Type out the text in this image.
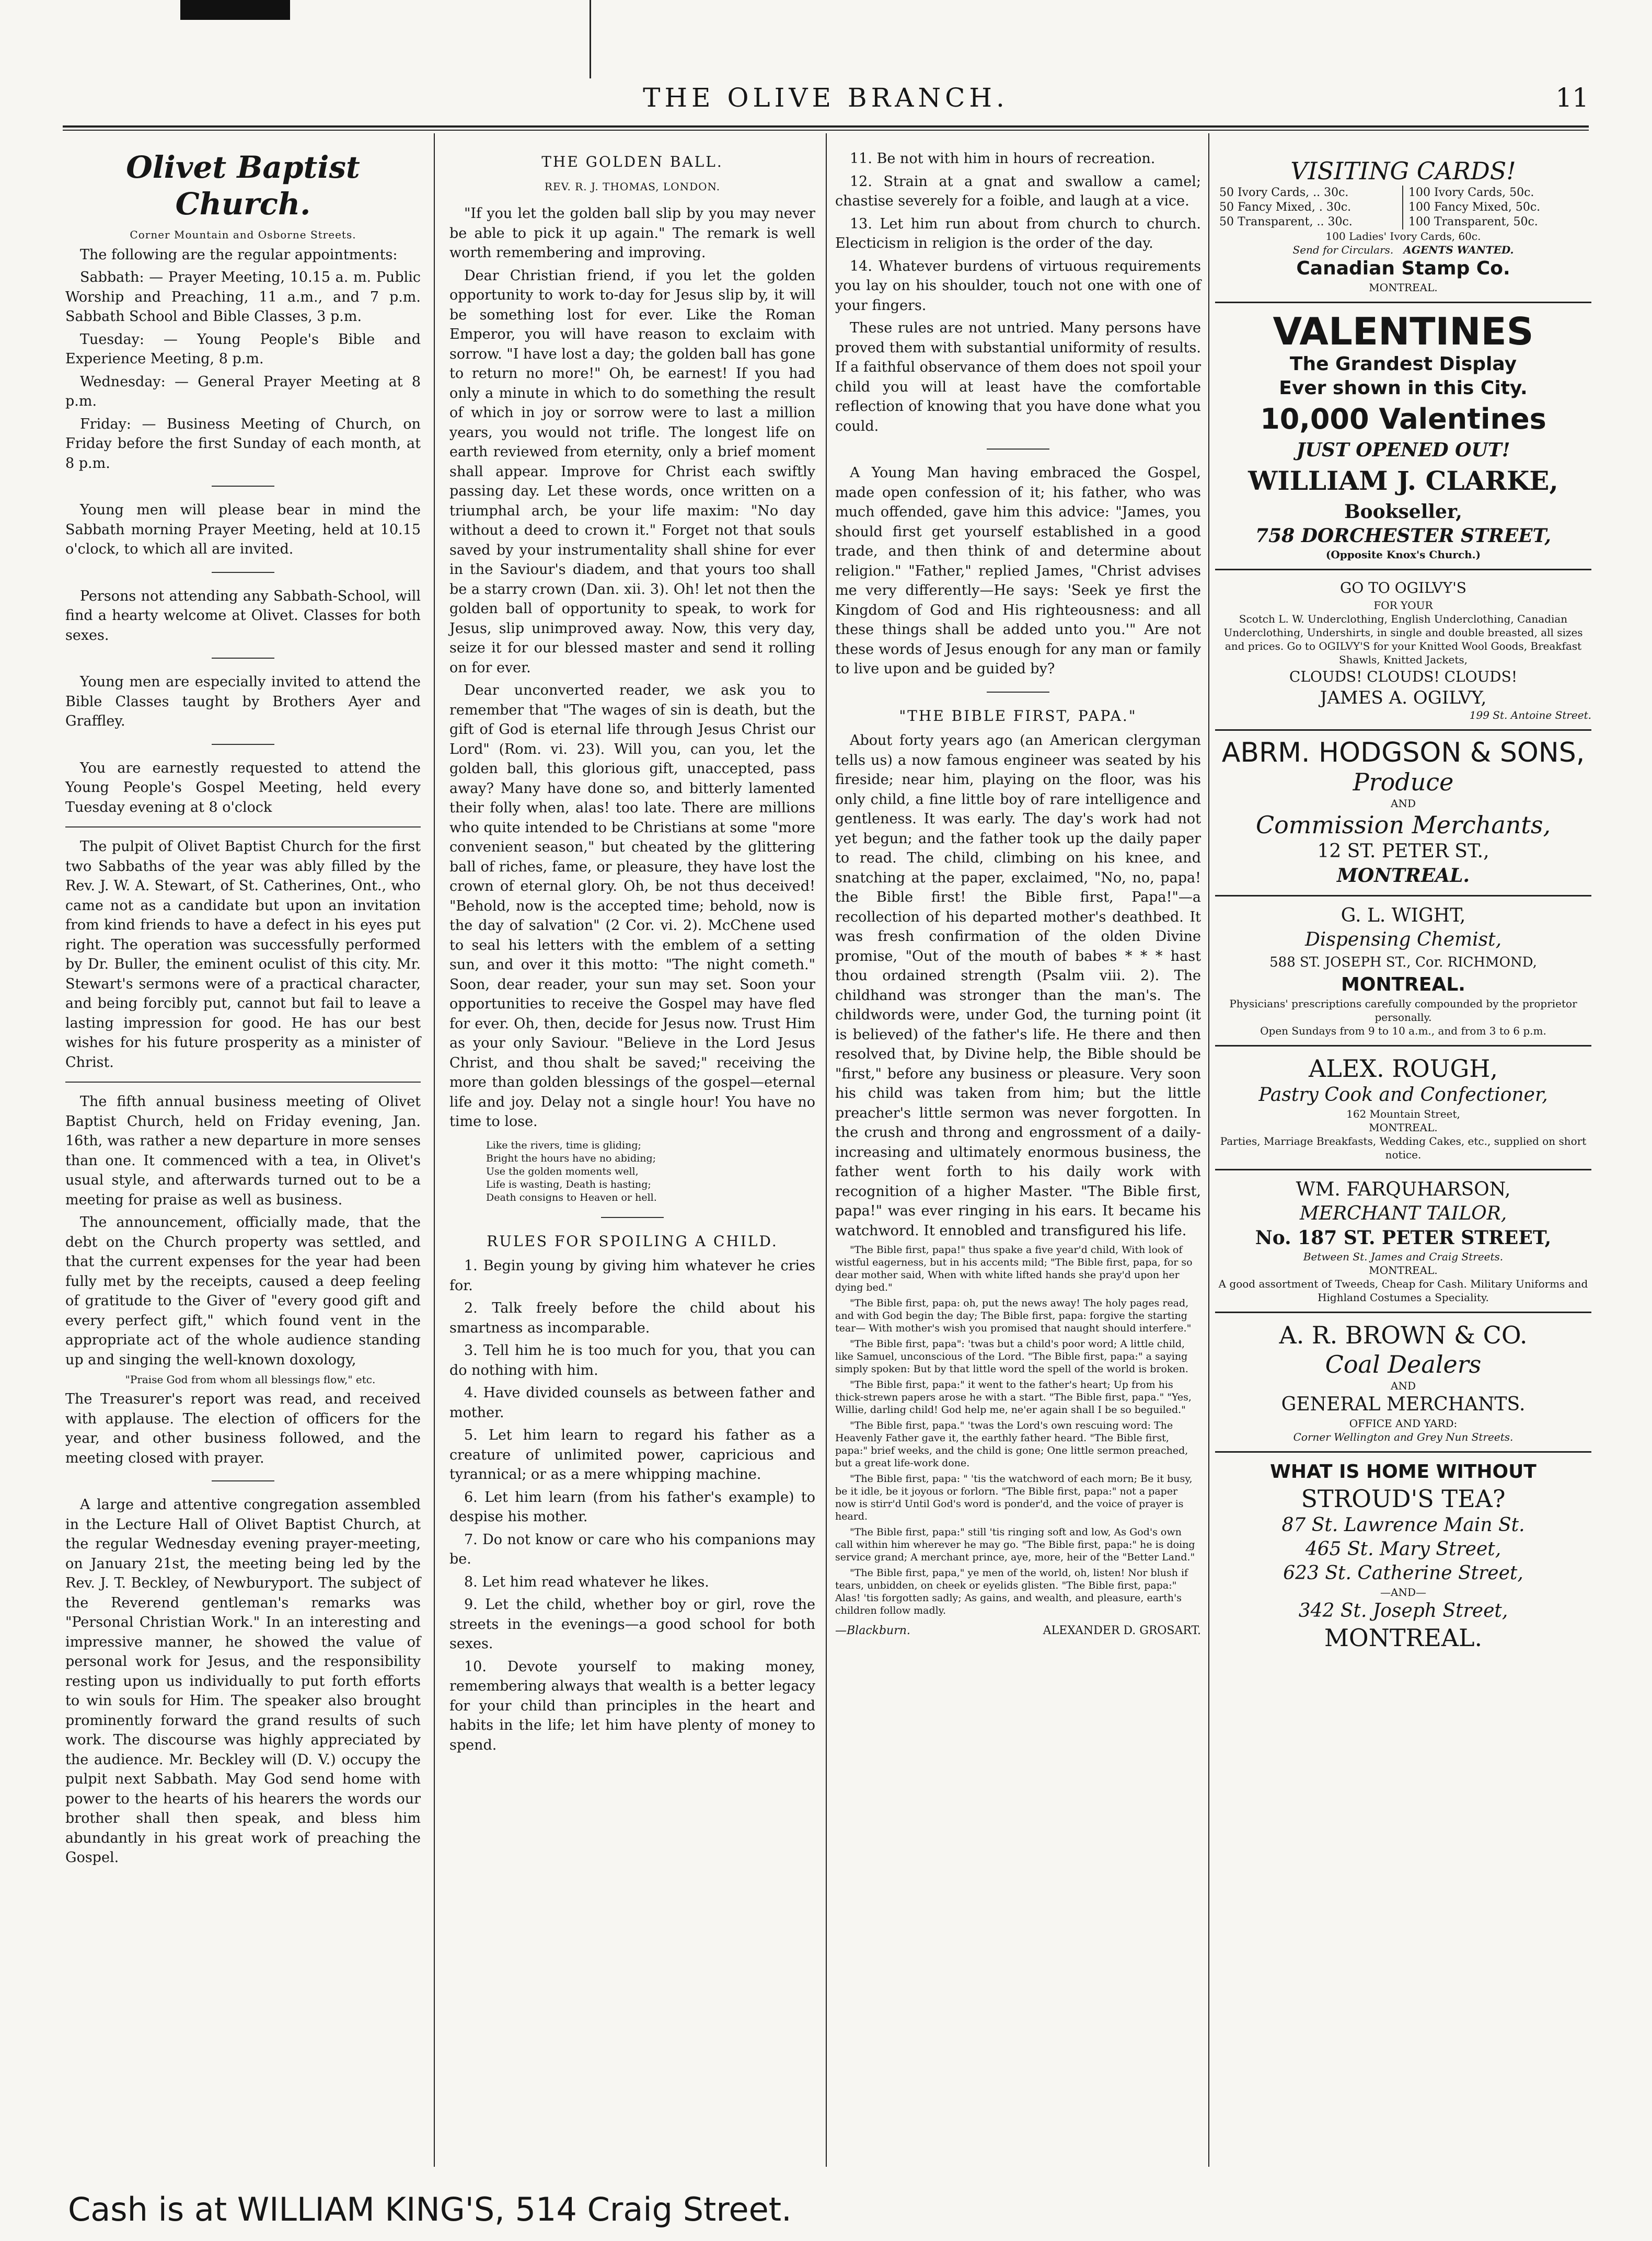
THE OLIVE BRANCH.	11
Olivet Baptist Church.
Corner Mountain and Osborne Streets.

The following are the regular appointments:

Sabbath: — Prayer Meeting, 10.15 a. m. Public Worship and Preaching, 11 a.m., and 7 p.m. Sabbath School and Bible Classes, 3 p.m.

Tuesday: — Young People's Bible and Experience Meeting, 8 p.m.

Wednesday: — General Prayer Meeting at 8 p.m.

Friday: — Business Meeting of Church, on Friday before the first Sunday of each month, at 8 p.m.

Young men will please bear in mind the Sabbath morning Prayer Meeting, held at 10.15 o'clock, to which all are invited.

Persons not attending any Sabbath-School, will find a hearty welcome at Olivet. Classes for both sexes.

Young men are especially invited to attend the Bible Classes taught by Brothers Ayer and Graffley.

You are earnestly requested to attend the Young People's Gospel Meeting, held every Tuesday evening at 8 o'clock

The pulpit of Olivet Baptist Church for the first two Sabbaths of the year was ably filled by the Rev. J. W. A. Stewart, of St. Catherines, Ont., who came not as a candidate but upon an invitation from kind friends to have a defect in his eyes put right. The operation was successfully performed by Dr. Buller, the eminent oculist of this city. Mr. Stewart's sermons were of a practical character, and being forcibly put, cannot but fail to leave a lasting impression for good. He has our best wishes for his future prosperity as a minister of Christ.

The fifth annual business meeting of Olivet Baptist Church, held on Friday evening, Jan. 16th, was rather a new departure in more senses than one. It commenced with a tea, in Olivet's usual style, and afterwards turned out to be a meeting for praise as well as business.

The announcement, officially made, that the debt on the Church property was settled, and that the current expenses for the year had been fully met by the receipts, caused a deep feeling of gratitude to the Giver of "every good gift and every perfect gift," which found vent in the appropriate act of the whole audience standing up and singing the well-known doxology,

"Praise God from whom all blessings flow," etc.

The Treasurer's report was read, and received with applause. The election of officers for the year, and other business followed, and the meeting closed with prayer.

A large and attentive congregation assembled in the Lecture Hall of Olivet Baptist Church, at the regular Wednesday evening prayer-meeting, on January 21st, the meeting being led by the Rev. J. T. Beckley, of Newburyport. The subject of the Reverend gentleman's remarks was "Personal Christian Work." In an interesting and impressive manner, he showed the value of personal work for Jesus, and the responsibility resting upon us individually to put forth efforts to win souls for Him. The speaker also brought prominently forward the grand results of such work. The discourse was highly appreciated by the audience. Mr. Beckley will (D. V.) occupy the pulpit next Sabbath. May God send home with power to the hearts of his hearers the words our brother shall then speak, and bless him abundantly in his great work of preaching the Gospel.

THE GOLDEN BALL.
REV. R. J. THOMAS, LONDON.

"If you let the golden ball slip by you may never be able to pick it up again." The remark is well worth remembering and improving.

Dear Christian friend, if you let the golden opportunity to work to-day for Jesus slip by, it will be something lost for ever. Like the Roman Emperor, you will have reason to exclaim with sorrow. "I have lost a day; the golden ball has gone to return no more!" Oh, be earnest! If you had only a minute in which to do something the result of which in joy or sorrow were to last a million years, you would not trifle. The longest life on earth reviewed from eternity, only a brief moment shall appear. Improve for Christ each swiftly passing day. Let these words, once written on a triumphal arch, be your life maxim: "No day without a deed to crown it." Forget not that souls saved by your instrumentality shall shine for ever in the Saviour's diadem, and that yours too shall be a starry crown (Dan. xii. 3). Oh! let not then the golden ball of opportunity to speak, to work for Jesus, slip unimproved away. Now, this very day, seize it for our blessed master and send it rolling on for ever.

Dear unconverted reader, we ask you to remember that "The wages of sin is death, but the gift of God is eternal life through Jesus Christ our Lord" (Rom. vi. 23). Will you, can you, let the golden ball, this glorious gift, unaccepted, pass away? Many have done so, and bitterly lamented their folly when, alas! too late. There are millions who quite intended to be Christians at some "more convenient season," but cheated by the glittering ball of riches, fame, or pleasure, they have lost the crown of eternal glory. Oh, be not thus deceived! "Behold, now is the accepted time; behold, now is the day of salvation" (2 Cor. vi. 2). McChene used to seal his letters with the emblem of a setting sun, and over it this motto: "The night cometh." Soon, dear reader, your sun may set. Soon your opportunities to receive the Gospel may have fled for ever. Oh, then, decide for Jesus now. Trust Him as your only Saviour. "Believe in the Lord Jesus Christ, and thou shalt be saved;" receiving the more than golden blessings of the gospel—eternal life and joy. Delay not a single hour! You have no time to lose.

Like the rivers, time is gliding;
Bright the hours have no abiding;
Use the golden moments well,
Life is wasting, Death is hasting;
Death consigns to Heaven or hell.
RULES FOR SPOILING A CHILD.

1. Begin young by giving him whatever he cries for.

2. Talk freely before the child about his smartness as incomparable.

3. Tell him he is too much for you, that you can do nothing with him.

4. Have divided counsels as between father and mother.

5. Let him learn to regard his father as a creature of unlimited power, capricious and tyrannical; or as a mere whipping machine.

6. Let him learn (from his father's example) to despise his mother.

7. Do not know or care who his companions may be.

8. Let him read whatever he likes.

9. Let the child, whether boy or girl, rove the streets in the evenings—a good school for both sexes.

10. Devote yourself to making money, remembering always that wealth is a better legacy for your child than principles in the heart and habits in the life; let him have plenty of money to spend.

11. Be not with him in hours of recreation.

12. Strain at a gnat and swallow a camel; chastise severely for a foible, and laugh at a vice.

13. Let him run about from church to church. Electicism in religion is the order of the day.

14. Whatever burdens of virtuous requirements you lay on his shoulder, touch not one with one of your fingers.

These rules are not untried. Many persons have proved them with substantial uniformity of results. If a faithful observance of them does not spoil your child you will at least have the comfortable reflection of knowing that you have done what you could.

A Young Man having embraced the Gospel, made open confession of it; his father, who was much offended, gave him this advice: "James, you should first get yourself established in a good trade, and then think of and determine about religion." "Father," replied James, "Christ advises me very differently—He says: 'Seek ye first the Kingdom of God and His righteousness: and all these things shall be added unto you.'" Are not these words of Jesus enough for any man or family to live upon and be guided by?

"THE BIBLE FIRST, PAPA."

About forty years ago (an American clergyman tells us) a now famous engineer was seated by his fireside; near him, playing on the floor, was his only child, a fine little boy of rare intelligence and gentleness. It was early. The day's work had not yet begun; and the father took up the daily paper to read. The child, climbing on his knee, and snatching at the paper, exclaimed, "No, no, papa! the Bible first! the Bible first, Papa!"—a recollection of his departed mother's deathbed. It was fresh confirmation of the olden Divine promise, "Out of the mouth of babes * * * hast thou ordained strength (Psalm viii. 2). The childhand was stronger than the man's. The childwords were, under God, the turning point (it is believed) of the father's life. He there and then resolved that, by Divine help, the Bible should be "first," before any business or pleasure. Very soon his child was taken from him; but the little preacher's little sermon was never forgotten. In the crush and throng and engrossment of a daily-increasing and ultimately enormous business, the father went forth to his daily work with recognition of a higher Master. "The Bible first, papa!" was ever ringing in his ears. It became his watchword. It ennobled and transfigured his life.

"The Bible first, papa!" thus spake a five year'd child, With look of wistful eagerness, but in his accents mild; "The Bible first, papa, for so dear mother said, When with white lifted hands she pray'd upon her dying bed."

"The Bible first, papa: oh, put the news away! The holy pages read, and with God begin the day; The Bible first, papa: forgive the starting tear— With mother's wish you promised that naught should interfere."

"The Bible first, papa": 'twas but a child's poor word; A little child, like Samuel, unconscious of the Lord. "The Bible first, papa:" a saying simply spoken: But by that little word the spell of the world is broken.

"The Bible first, papa:" it went to the father's heart; Up from his thick-strewn papers arose he with a start. "The Bible first, papa." "Yes, Willie, darling child! God help me, ne'er again shall I be so beguiled."

"The Bible first, papa." 'twas the Lord's own rescuing word: The Heavenly Father gave it, the earthly father heard. "The Bible first, papa:" brief weeks, and the child is gone; One little sermon preached, but a great life-work done.

"The Bible first, papa: " 'tis the watchword of each morn; Be it busy, be it idle, be it joyous or forlorn. "The Bible first, papa:" not a paper now is stirr'd Until God's word is ponder'd, and the voice of prayer is heard.

"The Bible first, papa:" still 'tis ringing soft and low, As God's own call within him wherever he may go. "The Bible first, papa:" he is doing service grand; A merchant prince, aye, more, heir of the "Better Land."

"The Bible first, papa," ye men of the world, oh, listen! Nor blush if tears, unbidden, on cheek or eyelids glisten. "The Bible first, papa:" Alas! 'tis forgotten sadly; As gains, and wealth, and pleasure, earth's children follow madly.

—Blackburn.	ALEXANDER D. GROSART.
VISITING CARDS!
50 Ivory Cards, .. 30c.	100 Ivory Cards, 50c.
50 Fancy Mixed, . 30c.	100 Fancy Mixed, 50c.
50 Transparent, .. 30c.	100 Transparent, 50c.
100 Ladies' Ivory Cards, 60c.
Send for Circulars. AGENTS WANTED.
Canadian Stamp Co.
MONTREAL.
VALENTINES
The Grandest Display
Ever shown in this City.
10,000 Valentines
JUST OPENED OUT!
WILLIAM J. CLARKE,
Bookseller,
758 DORCHESTER STREET,
(Opposite Knox's Church.)
GO TO OGILVY'S
FOR YOUR
Scotch L. W. Underclothing, English Underclothing, Canadian Underclothing, Undershirts, in single and double breasted, all sizes and prices. Go to OGILVY'S for your Knitted Wool Goods, Breakfast Shawls, Knitted Jackets,
CLOUDS! CLOUDS! CLOUDS!
JAMES A. OGILVY,
199 St. Antoine Street.
ABRM. HODGSON & SONS,
Produce
AND
Commission Merchants,
12 ST. PETER ST.,
MONTREAL.
G. L. WIGHT,
Dispensing Chemist,
588 ST. JOSEPH ST., Cor. RICHMOND,
MONTREAL.
Physicians' prescriptions carefully compounded by the proprietor personally.
Open Sundays from 9 to 10 a.m., and from 3 to 6 p.m.
ALEX. ROUGH,
Pastry Cook and Confectioner,
162 Mountain Street,
MONTREAL.
Parties, Marriage Breakfasts, Wedding Cakes, etc., supplied on short notice.
WM. FARQUHARSON,
MERCHANT TAILOR,
No. 187 ST. PETER STREET,
Between St. James and Craig Streets.
MONTREAL.
A good assortment of Tweeds, Cheap for Cash. Military Uniforms and Highland Costumes a Speciality.
A. R. BROWN & CO.
Coal Dealers
AND
GENERAL MERCHANTS.
OFFICE AND YARD:
Corner Wellington and Grey Nun Streets.
WHAT IS HOME WITHOUT
STROUD'S TEA?
87 St. Lawrence Main St.
465 St. Mary Street,
623 St. Catherine Street,
—AND—
342 St. Joseph Street,
MONTREAL.
Cash is at WILLIAM KING'S, 514 Craig Street.
